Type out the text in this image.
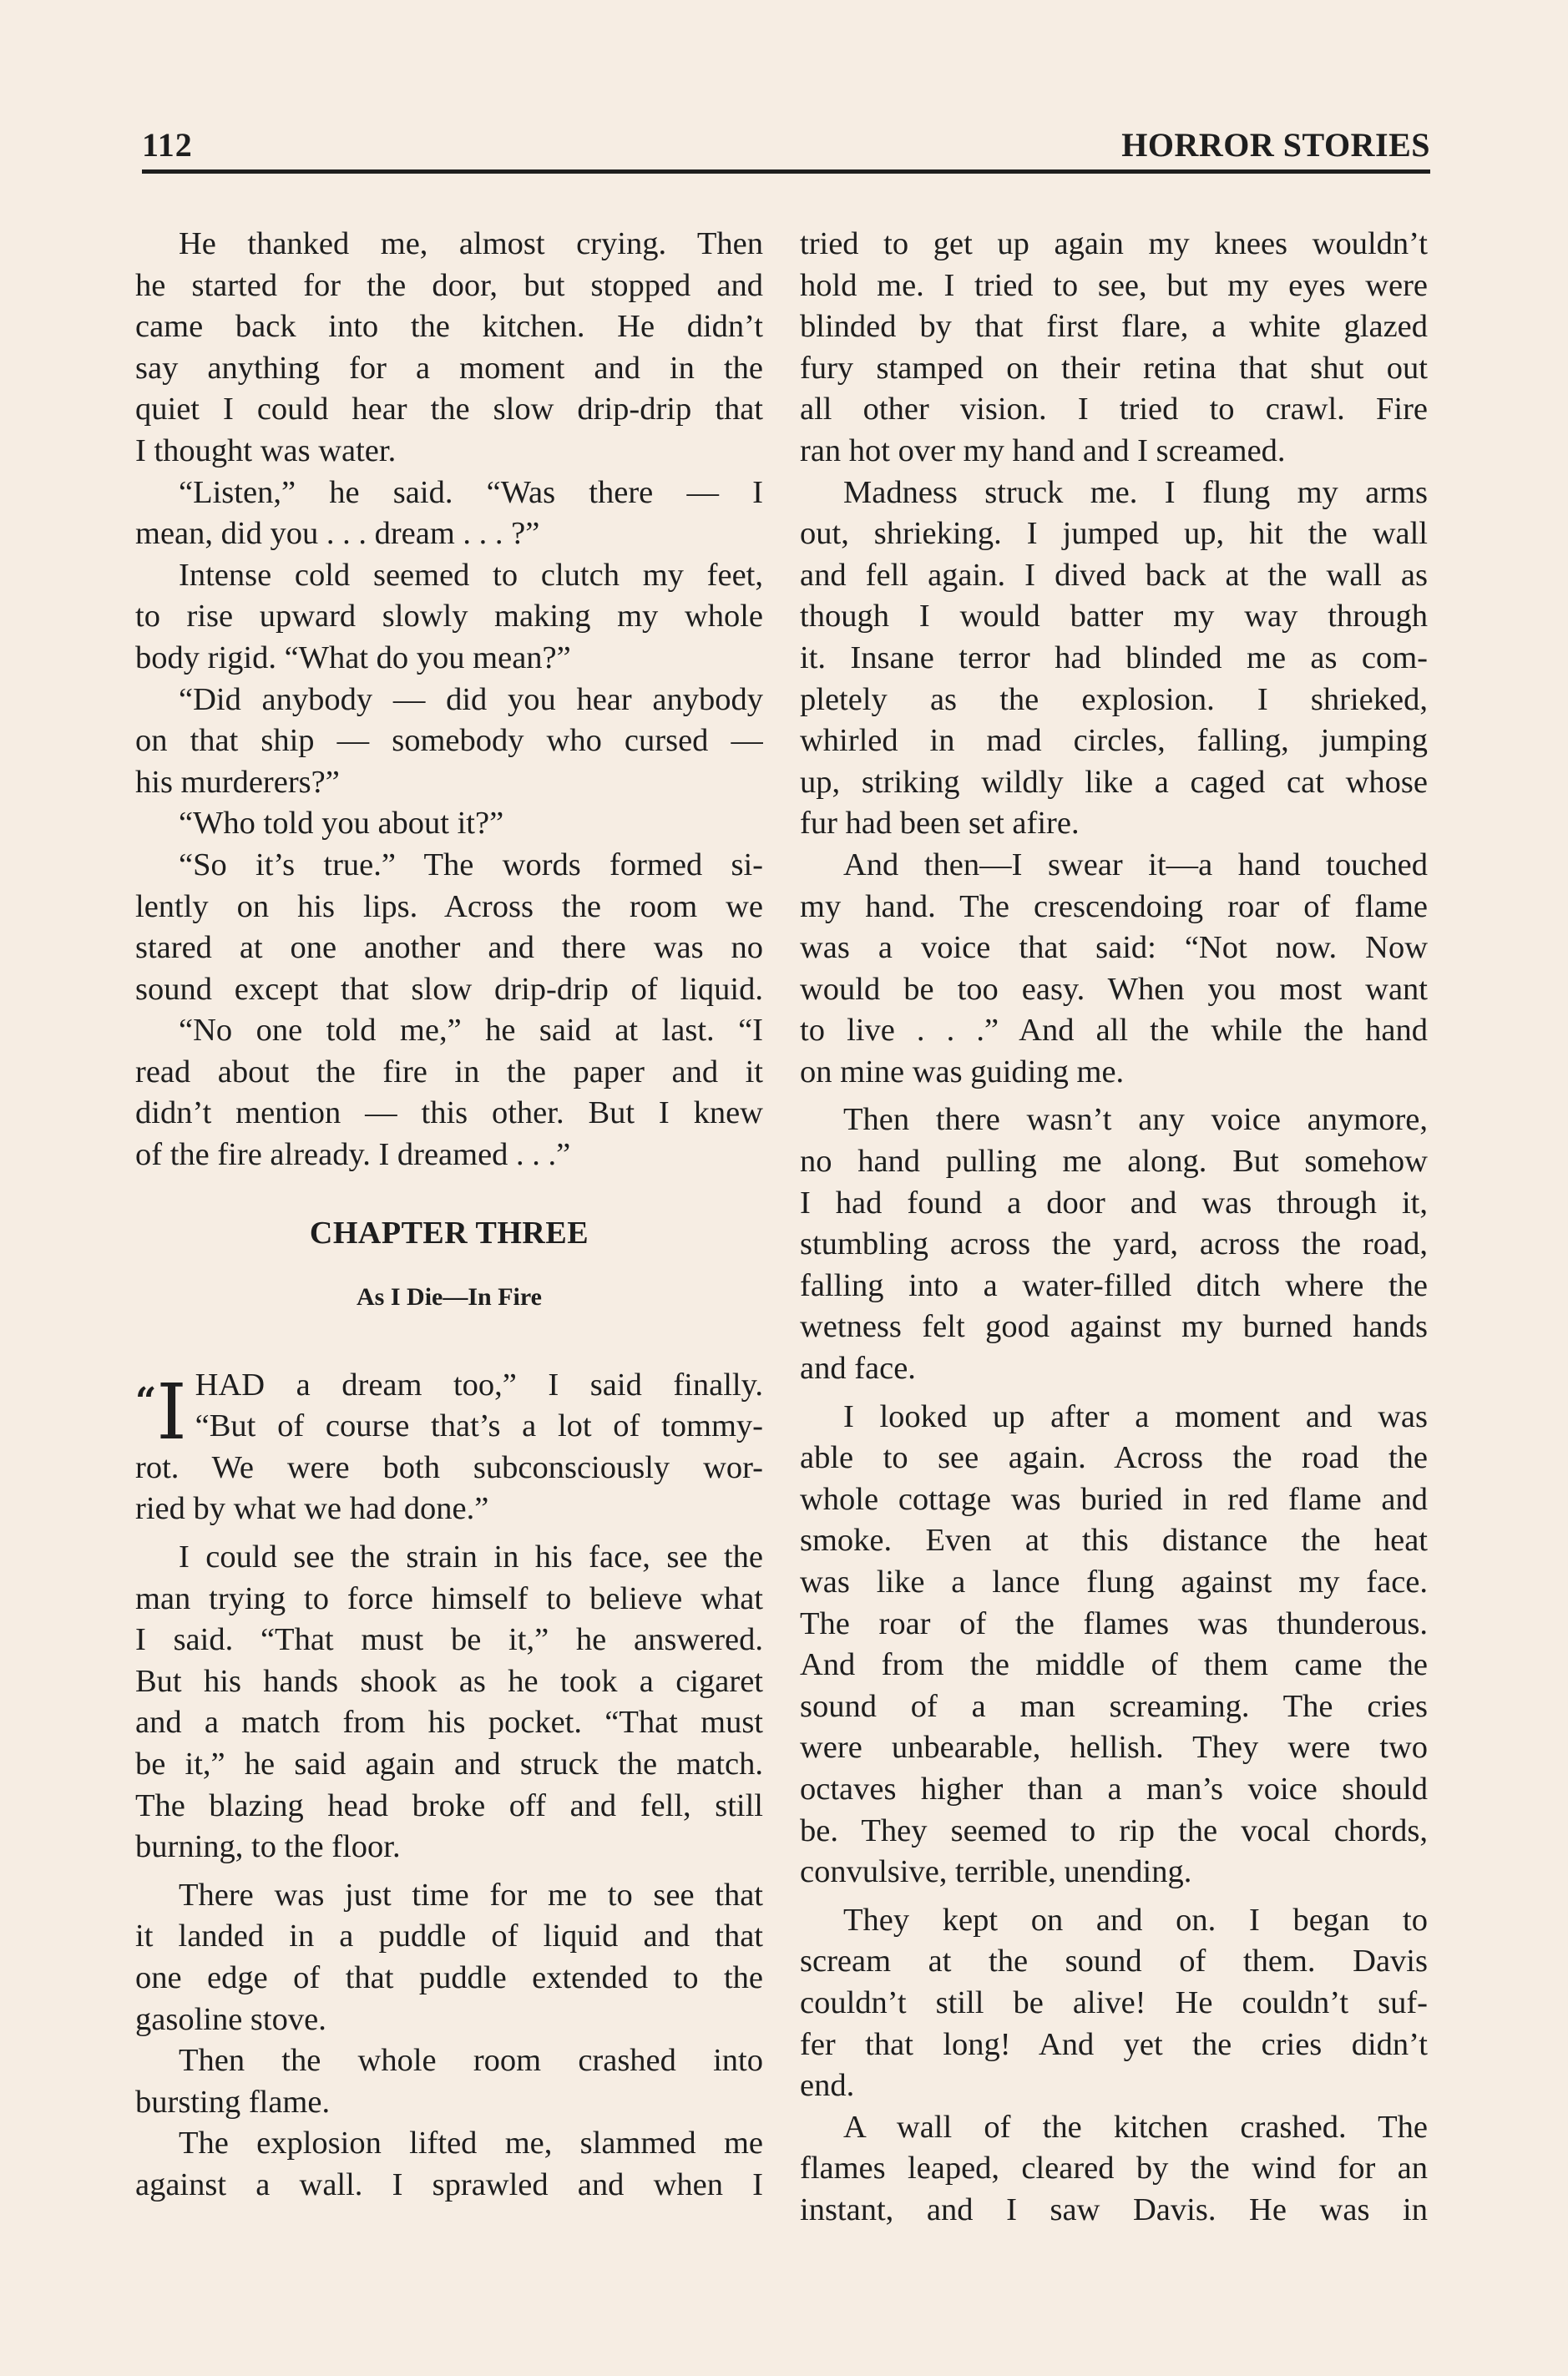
112	HORROR STORIES
He thanked me, almost crying. Then
he started for the door, but stopped and
came back into the kitchen. He didn’t
say anything for a moment and in the
quiet I could hear the slow drip-drip that
I thought was water.
“Listen,” he said. “Was there — I
mean, did you . . . dream . . . ?”
Intense cold seemed to clutch my feet,
to rise upward slowly making my whole
body rigid. “What do you mean?”
“Did anybody — did you hear anybody
on that ship — somebody who cursed —
his murderers?”
“Who told you about it?”
“So it’s true.” The words formed si-
lently on his lips. Across the room we
stared at one another and there was no
sound except that slow drip-drip of liquid.
“No one told me,” he said at last. “I
read about the fire in the paper and it
didn’t mention — this other. But I knew
of the fire already. I dreamed . . .”
CHAPTER THREE
As I Die—In Fire
“I HAD a dream too,” I said finally.
“But of course that’s a lot of tommy-
rot. We were both subconsciously wor-
ried by what we had done.”
I could see the strain in his face, see the
man trying to force himself to believe what
I said. “That must be it,” he answered.
But his hands shook as he took a cigaret
and a match from his pocket. “That must
be it,” he said again and struck the match.
The blazing head broke off and fell, still
burning, to the floor.
There was just time for me to see that
it landed in a puddle of liquid and that
one edge of that puddle extended to the
gasoline stove.
Then the whole room crashed into
bursting flame.
The explosion lifted me, slammed me
against a wall. I sprawled and when I
tried to get up again my knees wouldn’t
hold me. I tried to see, but my eyes were
blinded by that first flare, a white glazed
fury stamped on their retina that shut out
all other vision. I tried to crawl. Fire
ran hot over my hand and I screamed.
Madness struck me. I flung my arms
out, shrieking. I jumped up, hit the wall
and fell again. I dived back at the wall as
though I would batter my way through
it. Insane terror had blinded me as com-
pletely as the explosion. I shrieked,
whirled in mad circles, falling, jumping
up, striking wildly like a caged cat whose
fur had been set afire.
And then—I swear it—a hand touched
my hand. The crescendoing roar of flame
was a voice that said: “Not now. Now
would be too easy. When you most want
to live . . .” And all the while the hand
on mine was guiding me.
Then there wasn’t any voice anymore,
no hand pulling me along. But somehow
I had found a door and was through it,
stumbling across the yard, across the road,
falling into a water-filled ditch where the
wetness felt good against my burned hands
and face.
I looked up after a moment and was
able to see again. Across the road the
whole cottage was buried in red flame and
smoke. Even at this distance the heat
was like a lance flung against my face.
The roar of the flames was thunderous.
And from the middle of them came the
sound of a man screaming. The cries
were unbearable, hellish. They were two
octaves higher than a man’s voice should
be. They seemed to rip the vocal chords,
convulsive, terrible, unending.
They kept on and on. I began to
scream at the sound of them. Davis
couldn’t still be alive! He couldn’t suf-
fer that long! And yet the cries didn’t
end.
A wall of the kitchen crashed. The
flames leaped, cleared by the wind for an
instant, and I saw Davis. He was in
